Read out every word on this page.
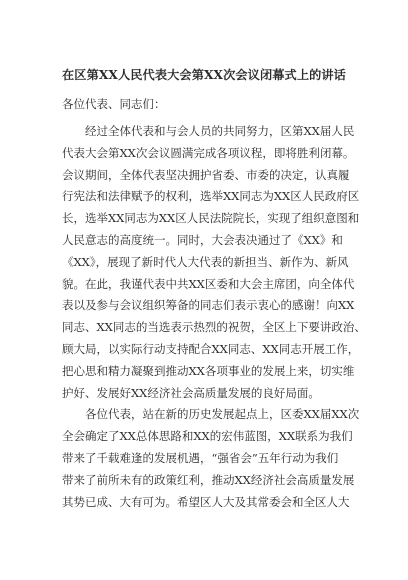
在区第XX人民代表大会第XX次会议闭幕式上的讲话
各位代表、同志们：
经过全体代表和与会人员的共同努力，区第XX届人民
代表大会第XX次会议圆满完成各项议程，即将胜利闭幕。
会议期间，全体代表坚决拥护省委、市委的决定，认真履
行宪法和法律赋予的权利，选举XX同志为XX区人民政府区
长，选举XX同志为XX区人民法院院长，实现了组织意图和
人民意志的高度统一。同时，大会表决通过了《XX》和
《XX》，展现了新时代人大代表的新担当、新作为、新风
貌。在此，我谨代表中共XX区委和大会主席团，向全体代
表以及参与会议组织筹备的同志们表示衷心的感谢！向XX
同志、XX同志的当选表示热烈的祝贺，全区上下要讲政治、
顾大局，以实际行动支持配合XX同志、XX同志开展工作，
把心思和精力凝聚到推动XX各项事业的发展上来，切实维
护好、发展好XX经济社会高质量发展的良好局面。
各位代表，站在新的历史发展起点上，区委XX届XX次
全会确定了XX总体思路和XX的宏伟蓝图，XX联系为我们
带来了千载难逢的发展机遇，“强省会”五年行动为我们
带来了前所未有的政策红利，推动XX经济社会高质量发展
其势已成、大有可为。希望区人大及其常委会和全区人大
